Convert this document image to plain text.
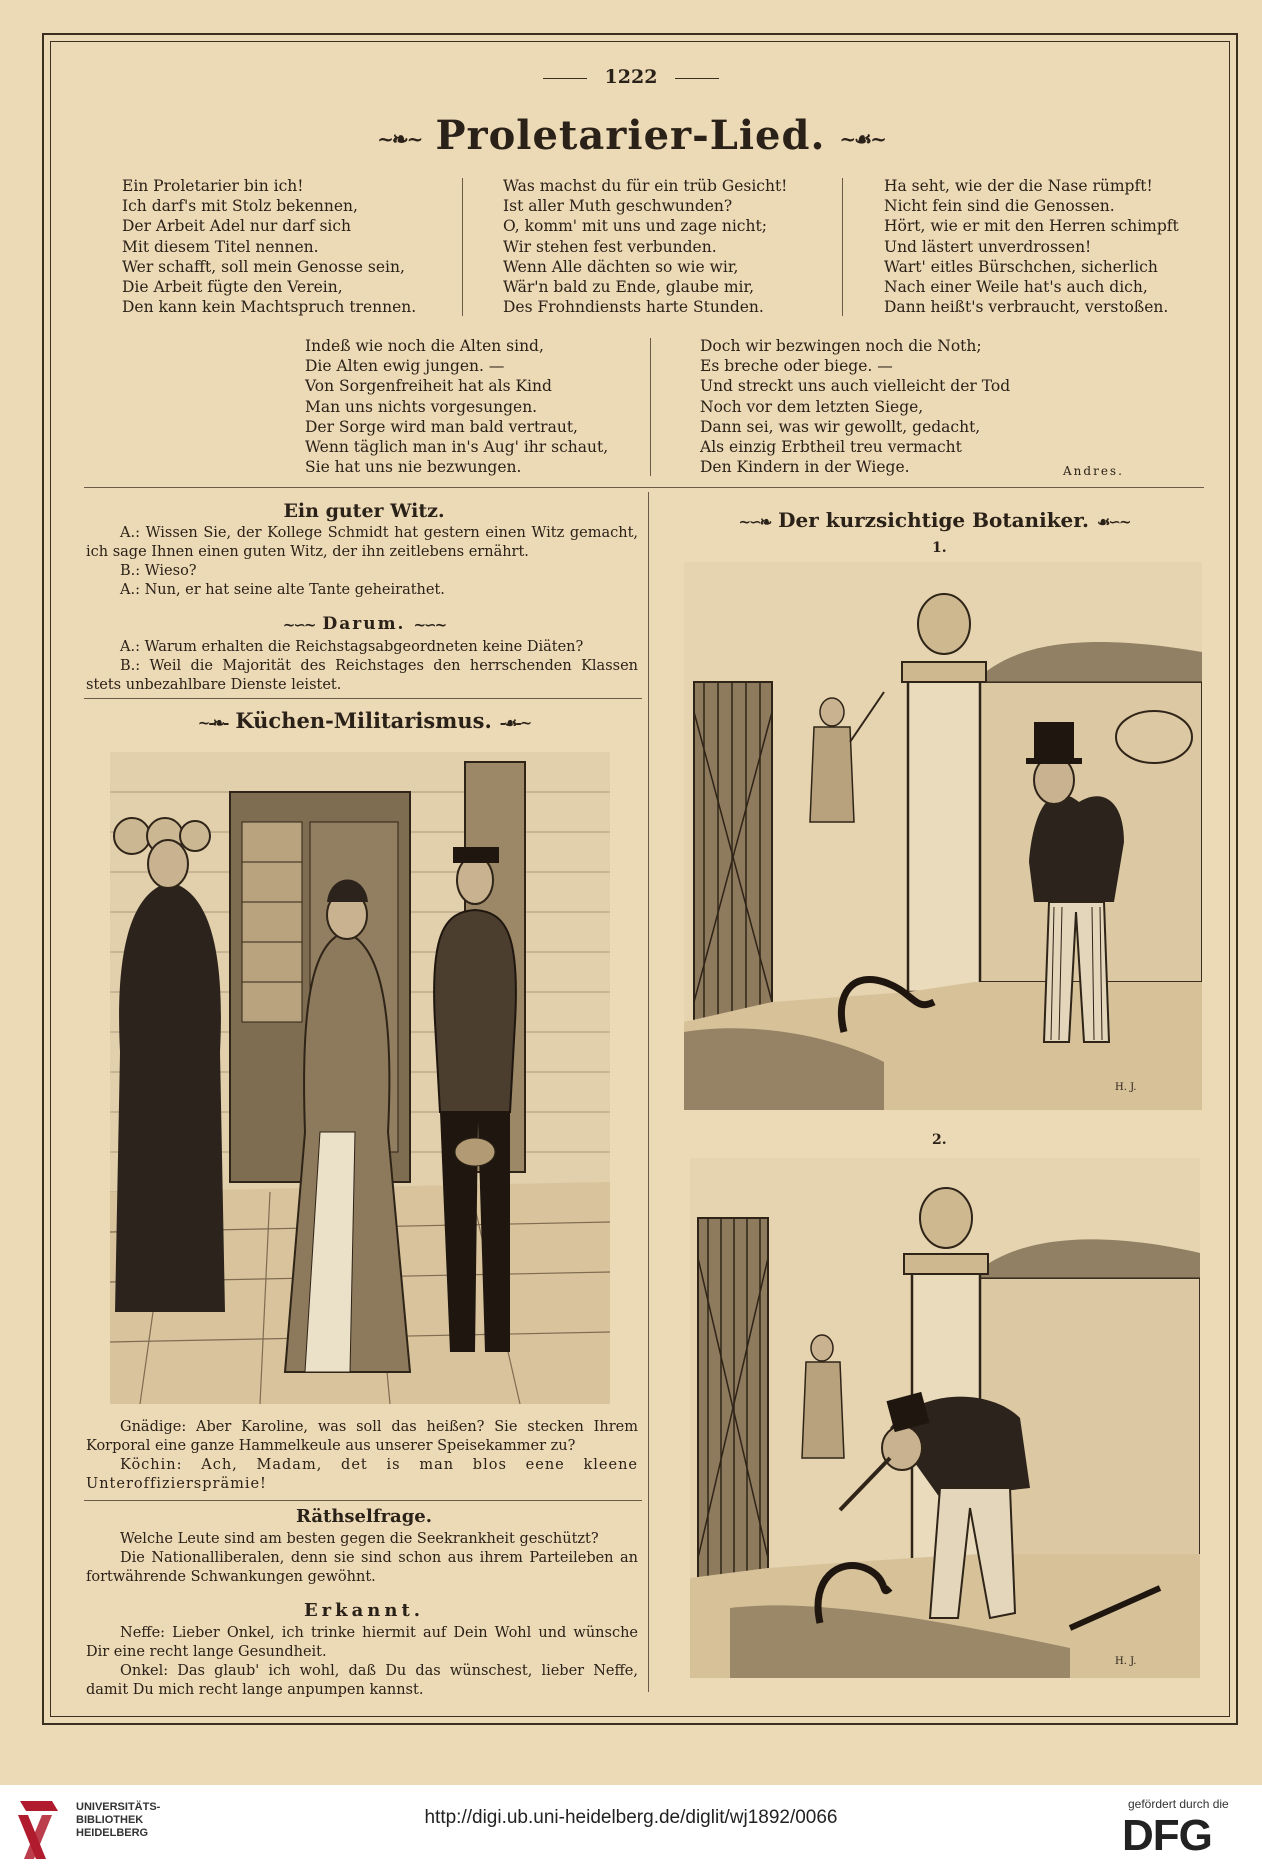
1222
~❧~ Proletarier-Lied. ~☙~
Ein Proletarier bin ich!
Ich darf's mit Stolz bekennen,
Der Arbeit Adel nur darf sich
Mit diesem Titel nennen.
Wer schafft, soll mein Genosse sein,
Die Arbeit fügte den Verein,
Den kann kein Machtspruch trennen.
Was machst du für ein trüb Gesicht!
Ist aller Muth geschwunden?
O, komm' mit uns und zage nicht;
Wir stehen fest verbunden.
Wenn Alle dächten so wie wir,
Wär'n bald zu Ende, glaube mir,
Des Frohndiensts harte Stunden.
Ha seht, wie der die Nase rümpft!
Nicht fein sind die Genossen.
Hört, wie er mit den Herren schimpft
Und lästert unverdrossen!
Wart' eitles Bürschchen, sicherlich
Nach einer Weile hat's auch dich,
Dann heißt's verbraucht, verstoßen.
Indeß wie noch die Alten sind,
Die Alten ewig jungen. —
Von Sorgenfreiheit hat als Kind
Man uns nichts vorgesungen.
Der Sorge wird man bald vertraut,
Wenn täglich man in's Aug' ihr schaut,
Sie hat uns nie bezwungen.
Doch wir bezwingen noch die Noth;
Es breche oder biege. —
Und streckt uns auch vielleicht der Tod
Noch vor dem letzten Siege,
Dann sei, was wir gewollt, gedacht,
Als einzig Erbtheil treu vermacht
Den Kindern in der Wiege.	Andres.
Ein guter Witz.

A.: Wissen Sie, der Kollege Schmidt hat gestern einen Witz gemacht, ich sage Ihnen einen guten Witz, der ihn zeitlebens ernährt.

B.: Wieso?

A.: Nun, er hat seine alte Tante geheirathet.

~∽~ Darum. ~∽~

A.: Warum erhalten die Reichstagsabgeordneten keine Diäten?

B.: Weil die Majorität des Reichstages den herrschenden Klassen stets unbezahlbare Dienste leistet.

~-❧- Küchen-Militarismus. -☙-~

Gnädige: Aber Karoline, was soll das heißen? Sie stecken Ihrem Korporal eine ganze Hammelkeule aus unserer Speisekammer zu?

Köchin: Ach, Madam, det is man blos eene kleene Unteroffiziersprämie!

Räthselfrage.

Welche Leute sind am besten gegen die Seekrankheit geschützt?

Die Nationalliberalen, denn sie sind schon aus ihrem Parteileben an fortwährende Schwankungen gewöhnt.

Erkannt.

Neffe: Lieber Onkel, ich trinke hiermit auf Dein Wohl und wünsche Dir eine recht lange Gesundheit.

Onkel: Das glaub' ich wohl, daß Du das wünschest, lieber Neffe, damit Du mich recht lange anpumpen kannst.

~∽❧ Der kurzsichtige Botaniker. ☙∽~
1.
H. J.
2.
H. J.
UNIVERSITÄTS-
BIBLIOTHEK
HEIDELBERG
http://digi.ub.uni-heidelberg.de/diglit/wj1892/0066
gefördert durch die
DFG
